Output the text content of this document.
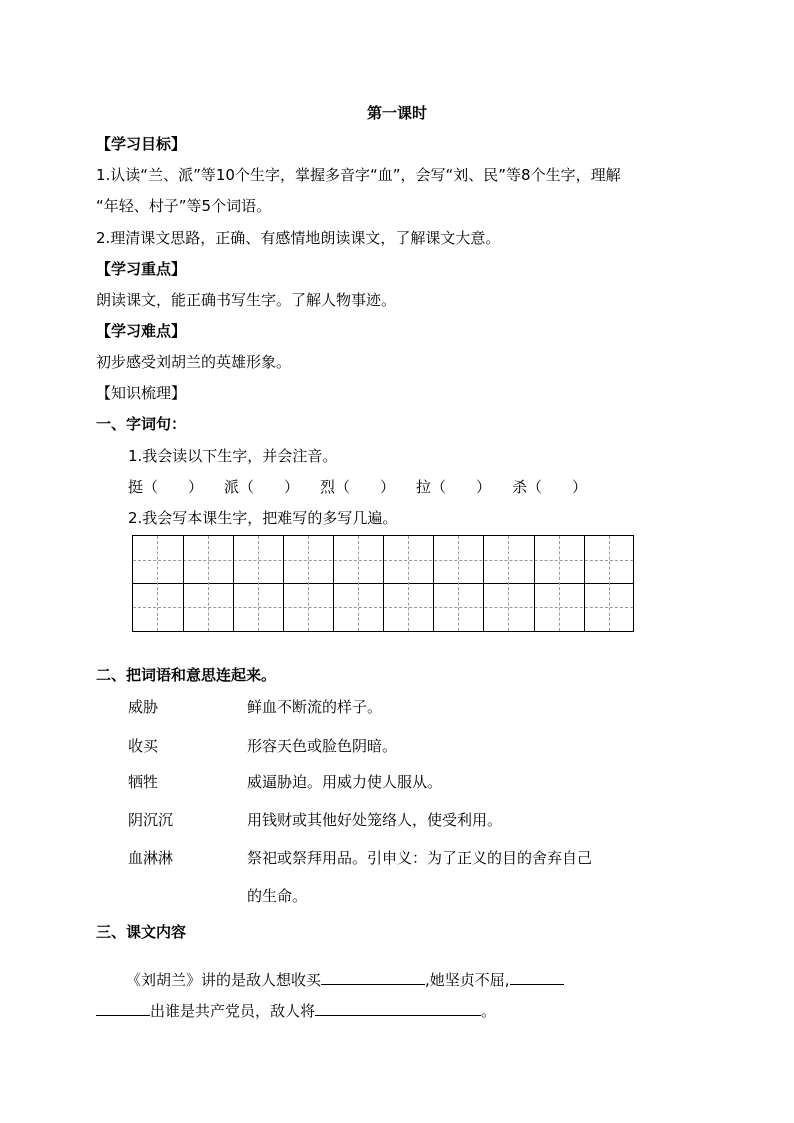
第一课时
【学习目标】
1.认读“兰、派”等10个生字，掌握多音字“血”，会写“刘、民”等8个生字，理解
“年轻、村子”等5个词语。
2.理清课文思路，正确、有感情地朗读课文，了解课文大意。
【学习重点】
朗读课文，能正确书写生字。了解人物事迹。
【学习难点】
初步感受刘胡兰的英雄形象。
【知识梳理】
一、字词句：
1.我会读以下生字，并会注音。
挺（　　） 派（　　） 烈（　　） 拉（　　） 杀（　　）
2.我会写本课生字，把难写的多写几遍。
二、把词语和意思连起来。
威胁	鲜血不断流的样子。
收买	形容天色或脸色阴暗。
牺牲	威逼胁迫。用威力使人服从。
阴沉沉	用钱财或其他好处笼络人，使受利用。
血淋淋	祭祀或祭拜用品。引申义：为了正义的目的舍弃自己
的生命。
三、课文内容
《刘胡兰》讲的是敌人想收买	,她坚贞不屈,
出谁是共产党员，敌人将	。
